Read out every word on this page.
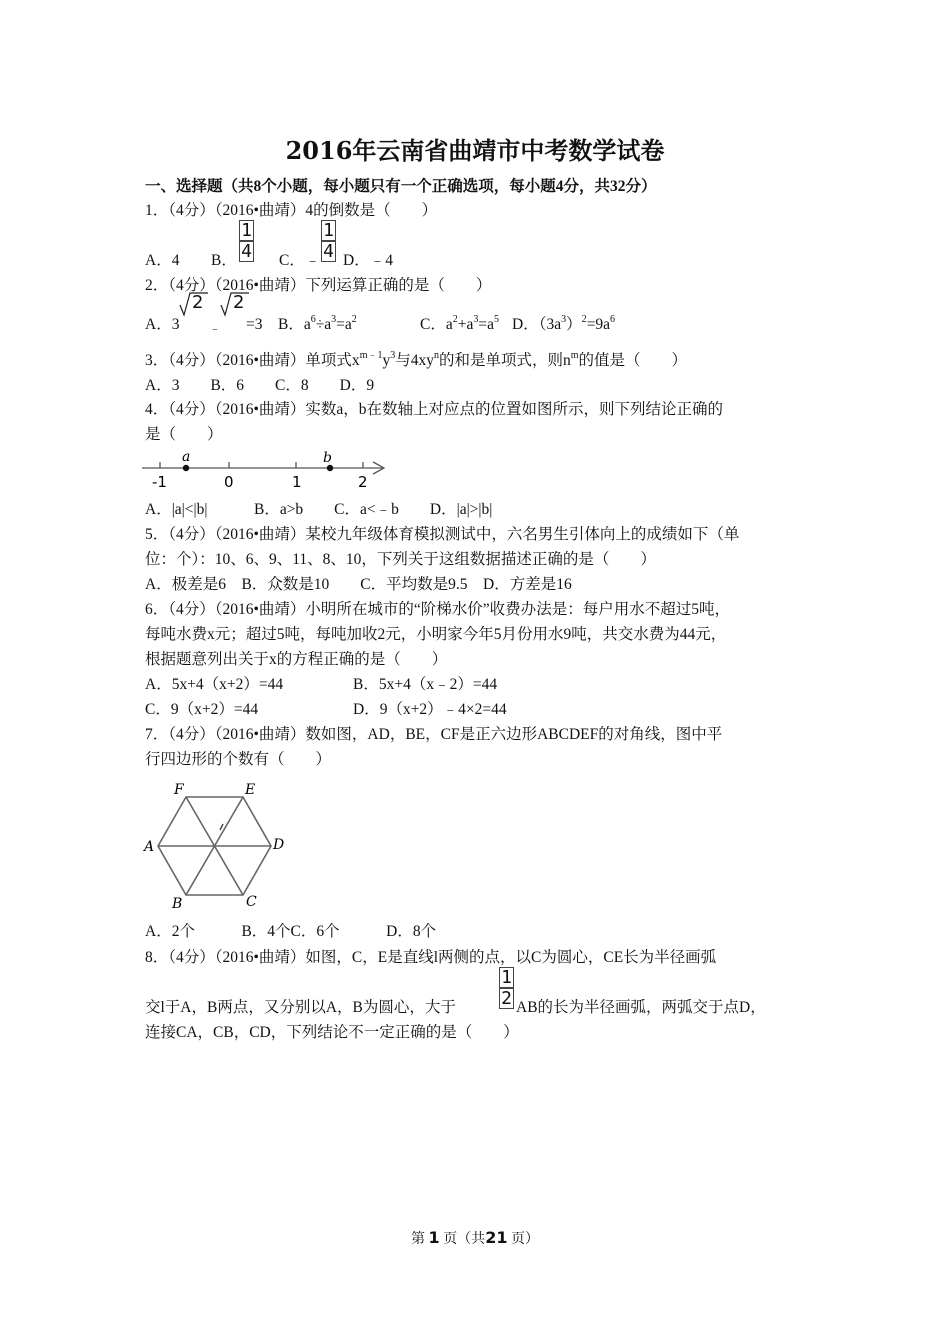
2016年云南省曲靖市中考数学试卷
一、选择题（共8个小题，每小题只有一个正确选项，每小题4分，共32分）
1．（4分）（2016•曲靖）4的倒数是（　　）
A．4 B． $\frac{1}{4}$ C．﹣ $\frac{1}{4}$ D．﹣4
2．（4分）（2016•曲靖）下列运算正确的是（　　）
A．3
2
﹣
2
=3 B．$a^6\div a^3=a^2$	C．$a^2+a^3=a^5$ D．$(3a^3)^2=9a^6$
3．（4分）（2016•曲靖）单项式$x^{m﹣1}y^3$与$4xy^n$的和是单项式，则$n^m$的值是（　　）
A．3　　B．6　　C．8　　D．9
4．（4分）（2016•曲靖）实数a，b在数轴上对应点的位置如图所示，则下列结论正确的
是（　　）
a	b
-1	0	1	2
A．|a|<|b|　　　B．a>b　　C．a<﹣b　　D．|a|>|b|
5．（4分）（2016•曲靖）某校九年级体育模拟测试中，六名男生引体向上的成绩如下（单
位：个）：10、6、9、11、8、10，下列关于这组数据描述正确的是（　　）
A．极差是6　B．众数是10　　C．平均数是9.5　D．方差是16
6．（4分）（2016•曲靖）小明所在城市的“阶梯水价”收费办法是：每户用水不超过5吨，
每吨水费x元；超过5吨，每吨加收2元，小明家今年5月份用水9吨，共交水费为44元，
根据题意列出关于x的方程正确的是（　　）
A．5x+4（x+2）=44	B．5x+4（x﹣2）=44
C．9（x+2）=44	D．9（x+2）﹣4×2=44
7．（4分）（2016•曲靖）数如图，AD，BE，CF是正六边形ABCDEF的对角线，图中平
行四边形的个数有（　　）
F	E
A	D
B	C
A．2个　　　B．4个C．6个　　　D．8个
8．（4分）（2016•曲靖）如图，C，E是直线l两侧的点，以C为圆心，CE长为半径画弧
交l于A，B两点，又分别以A，B为圆心，大于 $\frac{1}{2}$ AB的长为半径画弧，两弧交于点D，
连接CA，CB，CD，下列结论不一定正确的是（　　）
第 1 页（共21 页）
